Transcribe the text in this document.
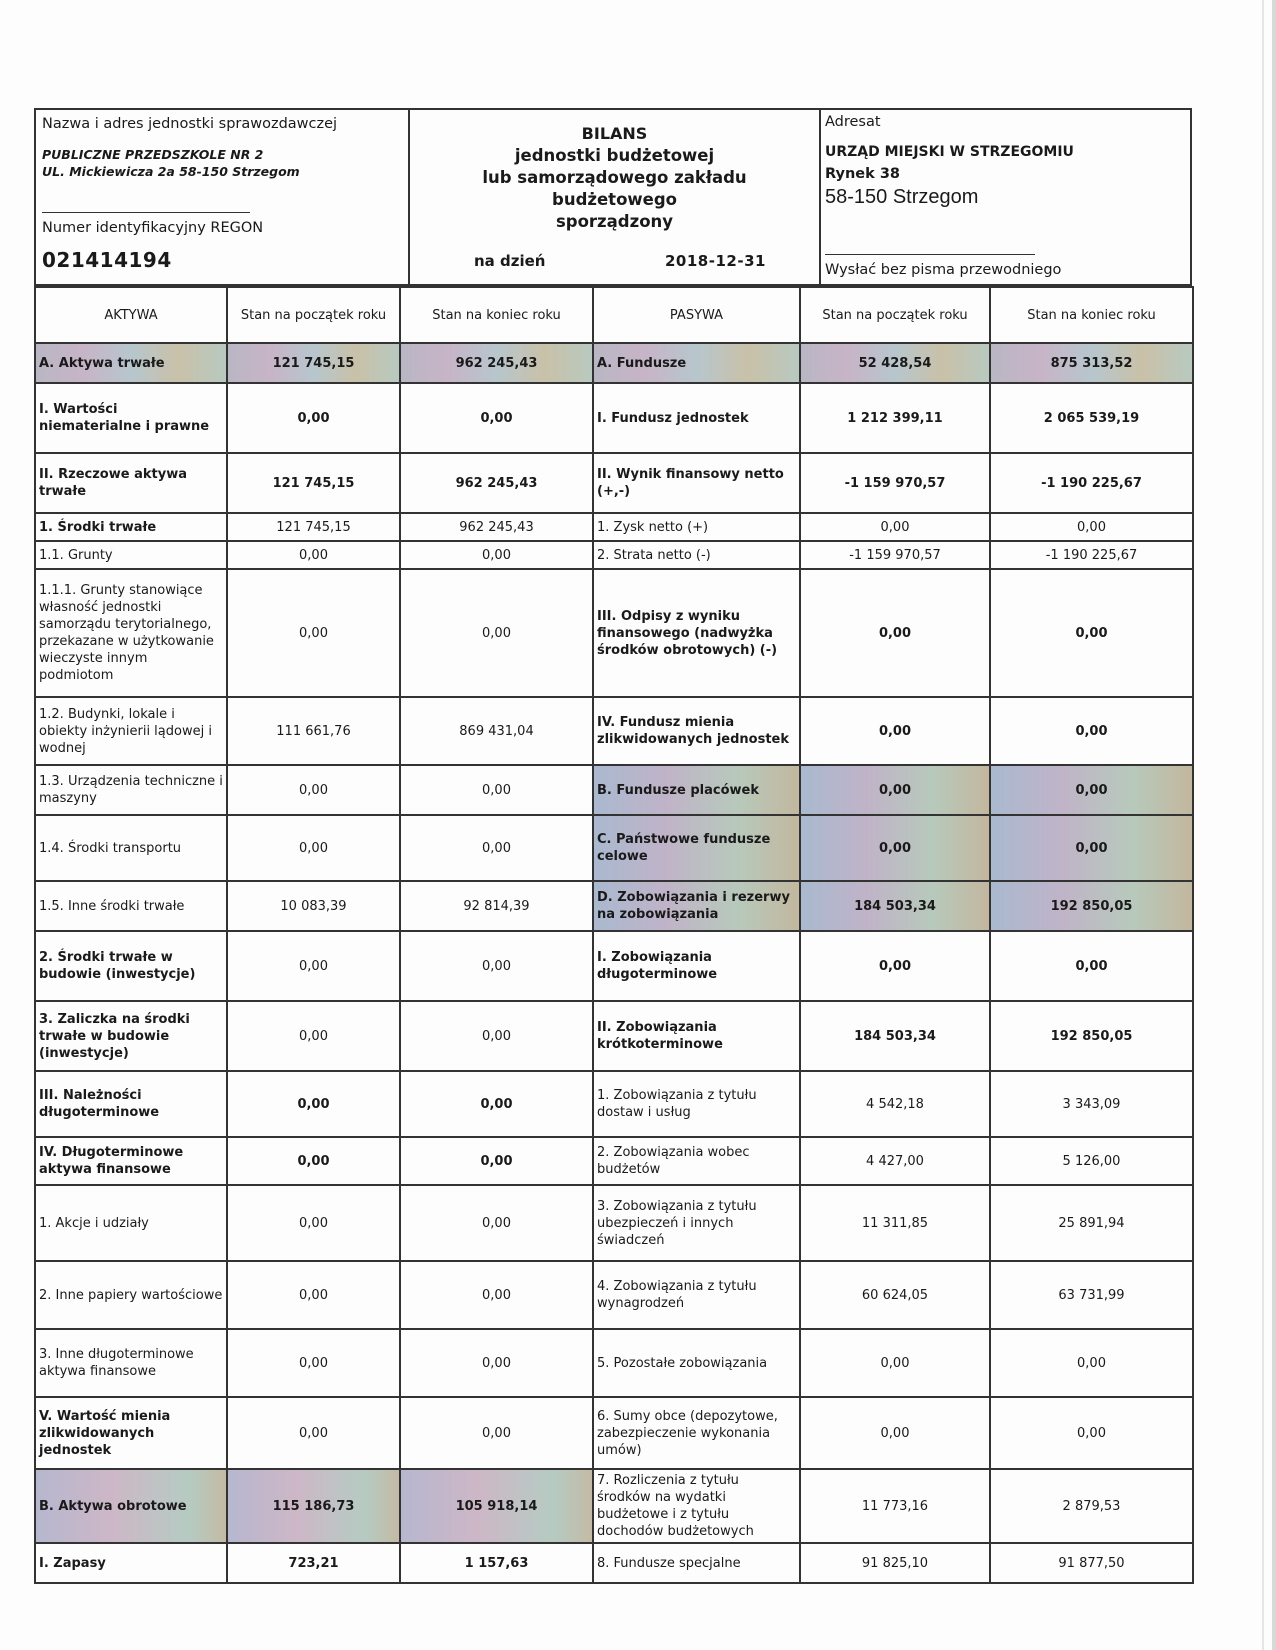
Nazwa i adres jednostki sprawozdawczej
PUBLICZNE PRZEDSZKOLE NR 2
UL. Mickiewicza 2a 58-150 Strzegom
Numer identyfikacyjny REGON
021414194
BILANS
jednostki budżetowej
lub samorządowego zakładu
budżetowego
sporządzony
na dzień	2018-12-31
Adresat
URZĄD MIEJSKI W STRZEGOMIU
Rynek 38
58-150 Strzegom
Wysłać bez pisma przewodniego
AKTYWA	Stan na początek roku	Stan na koniec roku	PASYWA	Stan na początek roku	Stan na koniec roku
A. Aktywa trwałe	121 745,15	962 245,43	A. Fundusze	52 428,54	875 313,52
I. Wartości niematerialne i prawne	0,00	0,00	I. Fundusz jednostek	1 212 399,11	2 065 539,19
II. Rzeczowe aktywa trwałe	121 745,15	962 245,43	II. Wynik finansowy netto (+,-)	-1 159 970,57	-1 190 225,67
1. Środki trwałe	121 745,15	962 245,43	1. Zysk netto (+)	0,00	0,00
1.1. Grunty	0,00	0,00	2. Strata netto (-)	-1 159 970,57	-1 190 225,67
1.1.1. Grunty stanowiące własność jednostki samorządu terytorialnego, przekazane w użytkowanie wieczyste innym podmiotom	0,00	0,00	III. Odpisy z wyniku finansowego (nadwyżka środków obrotowych) (-)	0,00	0,00
1.2. Budynki, lokale i obiekty inżynierii lądowej i wodnej	111 661,76	869 431,04	IV. Fundusz mienia zlikwidowanych jednostek	0,00	0,00
1.3. Urządzenia techniczne i maszyny	0,00	0,00	B. Fundusze placówek	0,00	0,00
1.4. Środki transportu	0,00	0,00	C. Państwowe fundusze celowe	0,00	0,00
1.5. Inne środki trwałe	10 083,39	92 814,39	D. Zobowiązania i rezerwy na zobowiązania	184 503,34	192 850,05
2. Środki trwałe w budowie (inwestycje)	0,00	0,00	I. Zobowiązania długoterminowe	0,00	0,00
3. Zaliczka na środki trwałe w budowie (inwestycje)	0,00	0,00	II. Zobowiązania krótkoterminowe	184 503,34	192 850,05
III. Należności długoterminowe	0,00	0,00	1. Zobowiązania z tytułu dostaw i usług	4 542,18	3 343,09
IV. Długoterminowe aktywa finansowe	0,00	0,00	2. Zobowiązania wobec budżetów	4 427,00	5 126,00
1. Akcje i udziały	0,00	0,00	3. Zobowiązania z tytułu ubezpieczeń i innych świadczeń	11 311,85	25 891,94
2. Inne papiery wartościowe	0,00	0,00	4. Zobowiązania z tytułu wynagrodzeń	60 624,05	63 731,99
3. Inne długoterminowe aktywa finansowe	0,00	0,00	5. Pozostałe zobowiązania	0,00	0,00
V. Wartość mienia zlikwidowanych jednostek	0,00	0,00	6. Sumy obce (depozytowe, zabezpieczenie wykonania umów)	0,00	0,00
B. Aktywa obrotowe	115 186,73	105 918,14	7. Rozliczenia z tytułu środków na wydatki budżetowe i z tytułu dochodów budżetowych	11 773,16	2 879,53
I. Zapasy	723,21	1 157,63	8. Fundusze specjalne	91 825,10	91 877,50
